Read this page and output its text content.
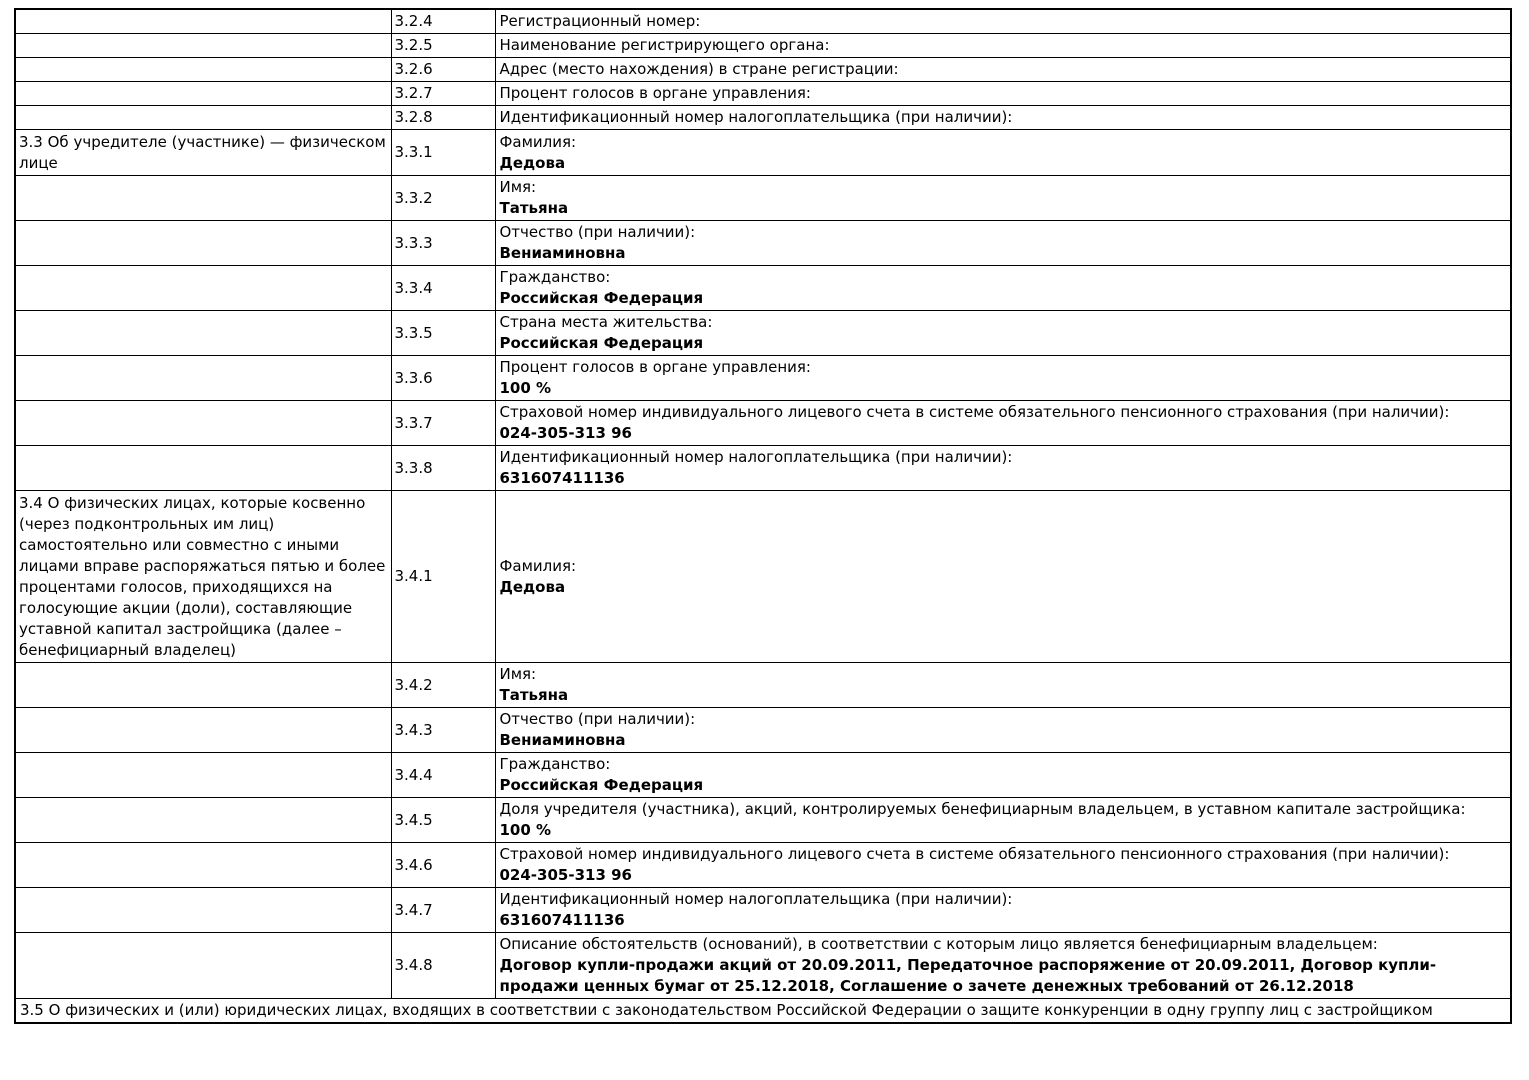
	3.2.4	Регистрационный номер:

	3.2.5	Наименование регистрирующего органа:

	3.2.6	Адрес (место нахождения) в стране регистрации:

	3.2.7	Процент голосов в органе управления:

	3.2.8	Идентификационный номер налогоплательщика (при наличии):

3.3 Об учредителе (участнике) — физическом лице	3.3.1	Фамилия:
Дедова

	3.3.2	Имя:
Татьяна

	3.3.3	Отчество (при наличии):
Вениаминовна

	3.3.4	Гражданство:
Российская Федерация

	3.3.5	Страна места жительства:
Российская Федерация

	3.3.6	Процент голосов в органе управления:
100 %

	3.3.7	Страховой номер индивидуального лицевого счета в системе обязательного пенсионного страхования (при наличии):
024-305-313 96

	3.3.8	Идентификационный номер налогоплательщика (при наличии):
631607411136

3.4 О физических лицах, которые косвенно (через подконтрольных им лиц) самостоятельно или совместно с иными лицами вправе распоряжаться пятью и более процентами голосов, приходящихся на голосующие акции (доли), составляющие уставной капитал застройщика (далее – бенефициарный владелец)	3.4.1	Фамилия:
Дедова

	3.4.2	Имя:
Татьяна

	3.4.3	Отчество (при наличии):
Вениаминовна

	3.4.4	Гражданство:
Российская Федерация

	3.4.5	Доля учредителя (участника), акций, контролируемых бенефициарным владельцем, в уставном капитале застройщика:
100 %

	3.4.6	Страховой номер индивидуального лицевого счета в системе обязательного пенсионного страхования (при наличии):
024-305-313 96

	3.4.7	Идентификационный номер налогоплательщика (при наличии):
631607411136

	3.4.8	Описание обстоятельств (оснований), в соответствии с которым лицо является бенефициарным владельцем:
Договор купли-продажи акций от 20.09.2011, Передаточное распоряжение от 20.09.2011, Договор купли-продажи ценных бумаг от 25.12.2018, Соглашение о зачете денежных требований от 26.12.2018

3.5 О физических и (или) юридических лицах, входящих в соответствии с законодательством Российской Федерации о защите конкуренции в одну группу лиц с застройщиком		
